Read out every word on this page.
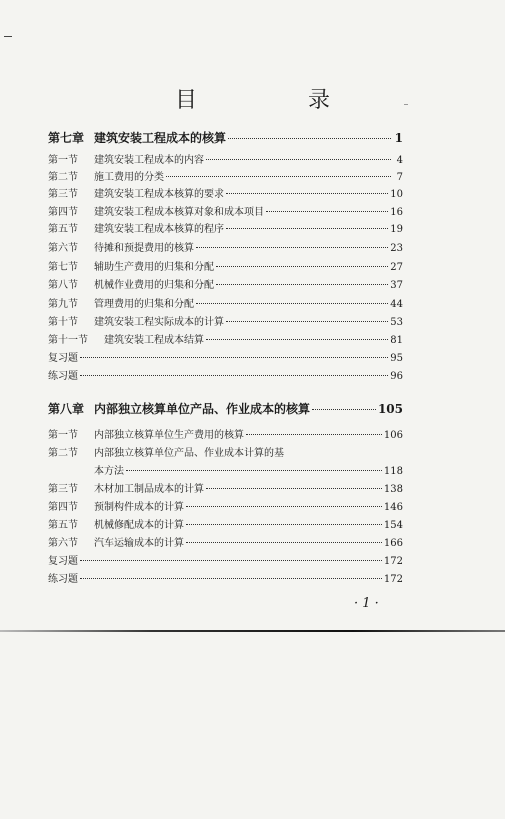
目 录
第七章 建筑安装工程成本的核算	1
第一节	建筑安装工程成本的内容	4
第二节	施工费用的分类	7
第三节	建筑安装工程成本核算的要求	10
第四节	建筑安装工程成本核算对象和成本项目	16
第五节	建筑安装工程成本核算的程序	19
第六节	待摊和预提费用的核算	23
第七节	辅助生产费用的归集和分配	27
第八节	机械作业费用的归集和分配	37
第九节	管理费用的归集和分配	44
第十节	建筑安装工程实际成本的计算	53
第十一节	建筑安装工程成本结算	81
复习题	95
练习题	96
第八章 内部独立核算单位产品、作业成本的核算	105
第一节	内部独立核算单位生产费用的核算	106
第二节	内部独立核算单位产品、作业成本计算的基
本方法	118
第三节	木材加工制品成本的计算	138
第四节	预制构件成本的计算	146
第五节	机械修配成本的计算	154
第六节	汽车运输成本的计算	166
复习题	172
练习题	172
· 1 ·
